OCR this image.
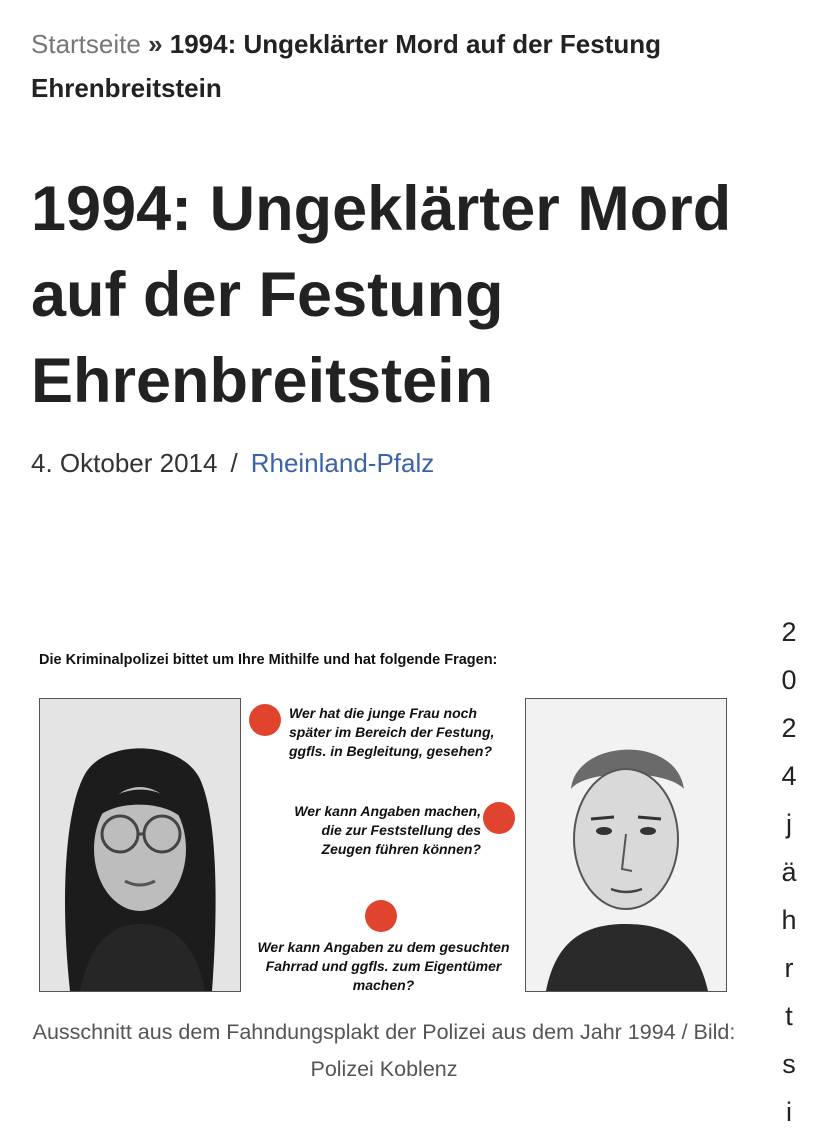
Startseite » 1994: Ungeklärter Mord auf der Festung Ehrenbreitstein
1994: Ungeklärter Mord auf der Festung Ehrenbreitstein
4. Oktober 2014 / Rheinland-Pfalz
Die Kriminalpolizei bittet um Ihre Mithilfe und hat folgende Fragen:
Wer hat die junge Frau noch später im Bereich der Festung, ggfls. in Begleitung, gesehen?
Wer kann Angaben machen, die zur Feststellung des Zeugen führen können?
Wer kann Angaben zu dem gesuchten Fahrrad und ggfls. zum Eigentümer machen?
Ausschnitt aus dem Fahndungsplakt der Polizei aus dem Jahr 1994 / Bild: Polizei Koblenz
2
0
2
4
j
ä
h
r
t
s
i
